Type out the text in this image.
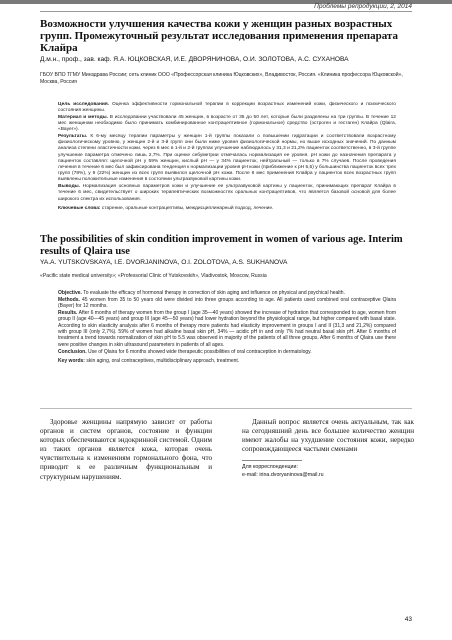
Проблемы репродукции, 2, 2014
Возможности улучшения качества кожи у женщин разных возрастных групп. Промежуточный результат исследования применения препарата Клайра
Д.м.н., проф., зав. каф. Я.А. ЮЦКОВСКАЯ, И.Е. ДВОРЯНИНОВА, О.И. ЗОЛОТОВА, А.С. СУХАНОВА
ГБОУ ВПО ТГМУ Минздрава России; сеть клиник ООО «Профессорская клиника Юцковских», Владивосток, Россия. «Клиника профессора Юцковской», Москва, Россия

Цель исследования. Оценка эффективности гормональной терапии в коррекции возрастных изменений кожи, физического и психического состояния женщины.

Материал и методы. В исследовании участвовали 45 женщин, в возрасте от 35 до 50 лет, которые были разделены на три группы. В течение 12 мес женщинам необходимо было принимать комбинированное контрацептивное (гормональное) средство (эстроген и гестаген) Клайра (Qlaira, «Bayer»).

Результаты. К 6-му месяцу терапии параметры у женщин 1-й группы показали о повышении гидратации и соответствовали возрастному физиологическому уровню, у женщин 2-й и 3-й групп они были ниже уровня физиологической нормы, но выше исходных значений. По данным анализа степени эластичности кожи, через 6 мес в 1-й и 2-й группах улучшение наблюдалось у 31,3 и 21,2% пациенток соответственно, в 3-й группе улучшение параметра отмечено лишь 2,7%. При оценке себуметрии отмечалась нормализация ее уровня. pH кожи до назначения препарата у пациенток составлял: щелочной pH у 59% женщин, кислый pH — у 34% пациенток, нейтральный — только в 7% случаев. После проведения лечения в течение 6 мес был зафиксирована тенденция к нормализации уровня pH кожи (приближение к pH 5,5) у большинства пациенток всех трех групп (78%), у 9 (22%) женщин из всех групп выявился щелочной pH кожи. После 6 мес применения Клайра у пациенток всех возрастных групп выявлены положительные изменения в состоянии ультразвуковой картины кожи.

Выводы. Нормализация основных параметров кожи и улучшение ее ультразвуковой картины у пациенток, принимающих препарат Клайра в течение 6 мес, свидетельствует о широких терапевтических возможностях оральных контрацептивов, что является базовой основой для более широкого спектра их использования.

Ключевые слова: старение, оральные контрацептивы, междисциплинарный подход, лечение.

The possibilities of skin condition improvement in women of various age. Interim results of Qlaira use
YA.A. YUTSKOVSKAYA, I.E. DVORJANINOVA, O.I. ZOLOTOVA, A.S. SUKHANOVA
«Pacific state medical university»; «Professorial Clinic of Yutskovskih», Vladivostok, Moscow, Russia

Objective. To evaluate the efficacy of hormonal therapy in correction of skin aging and influence on physical and psychical health.

Methods. 45 women from 35 to 50 years old were divided into three groups according to age. All patients used combined oral contraceptive Qlaira (Bayer) for 12 months.

Results. After 6 months of therapy women from the group I (age 35—40 years) showed the increase of hydration that corresponded to age, women from group II (age 40—45 years) and group III (age 45—50 years) had lower hydration beyond the physiological range, but higher compared with basal state. According to skin elasticity analysis after 6 months of therapy more patients had elasticity improvement in groups I and II (31,3 and 21,2%) compared with group III (only 2,7%). 59% of women had alkaline basal skin pH, 34% — acidic pH in and only 7% had neutral basal skin pH. After 6 months of treatment a trend towards normalization of skin pH to 5.5 was observed in majority of the patients of all three groups. After 6 months of Qlaira use there were positive changes in skin ultrasound parameters in patients of all ages.

Conclusion. Use of Qlaira for 6 months showed wide therapeutic possibilities of oral contraception in dermatology.

Key words: skin aging, oral contraceptives, multidisciplinary approach, treatment.

Здоровье женщины напрямую зависит от работы органов и систем органов, состояние и функции которых обеспечиваются эндокринной системой. Одним из таких органов является кожа, которая очень чувствительна к изменениям гормонального фона, что приводит к ее различным функциональным и структурным нарушениям.

Данный вопрос является очень актуальным, так как на сегодняшний день все большее количество женщин имеют жалобы на ухудшение состояния кожи, нередко сопровождающееся частыми сменами

Для корреспонденции:
e-mail: irina.dvoryaninova@mail.ru
43
